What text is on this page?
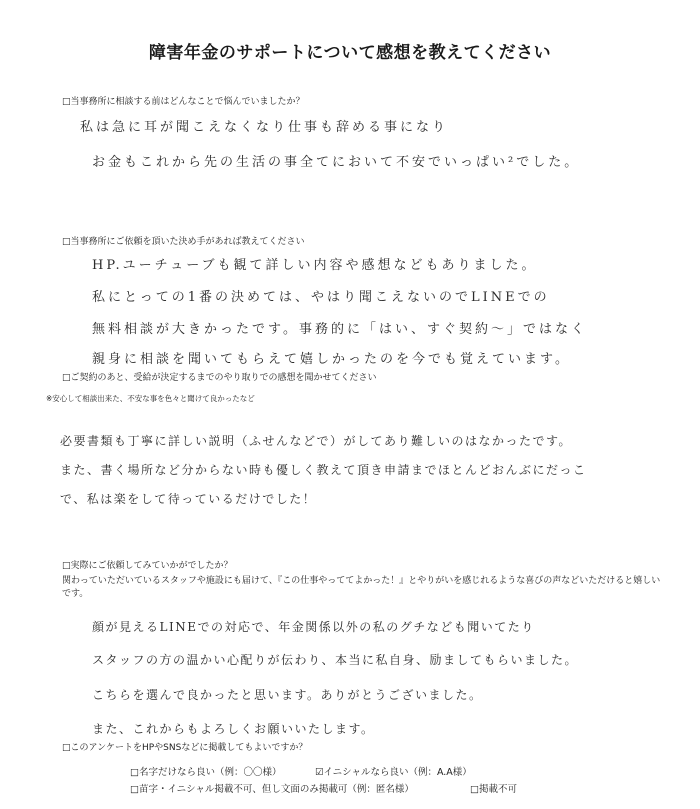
障害年金のサポートについて感想を教えてください
□当事務所に相談する前はどんなことで悩んでいましたか？
私は急に耳が聞こえなくなり仕事も辞める事になり
お金もこれから先の生活の事全てにおいて不安でいっぱい²でした。
□当事務所にご依頼を頂いた決め手があれば教えてください
HP.ユーチューブも観て詳しい内容や感想などもありました。
私にとっての1番の決めては、やはり聞こえないのでLINEでの
無料相談が大きかったです。事務的に「はい、すぐ契約〜」ではなく
親身に相談を聞いてもらえて嬉しかったのを今でも覚えています。
□ご契約のあと、受給が決定するまでのやり取りでの感想を聞かせてください
※安心して相談出来た、不安な事を色々と聞けて良かったなど
必要書類も丁寧に詳しい説明（ふせんなどで）がしてあり難しいのはなかったです。
また、書く場所など分からない時も優しく教えて頂き申請までほとんどおんぶにだっこ
で、私は楽をして待っているだけでした！
□実際にご依頼してみていかがでしたか？
関わっていただいているスタッフや施設にも届けて、『この仕事やっててよかった！』とやりがいを感じれるような喜びの声などいただけると嬉しいです。
顔が見えるLINEでの対応で、年金関係以外の私のグチなども聞いてたり
スタッフの方の温かい心配りが伝わり、本当に私自身、励ましてもらいました。
こちらを選んで良かったと思います。ありがとうございました。
また、これからもよろしくお願いいたします。
□このアンケートをHPやSNSなどに掲載してもよいですか？
□名字だけなら良い（例：〇〇様）	☑イニシャルなら良い（例：A.A様）
□苗字・イニシャル掲載不可、但し文面のみ掲載可（例：匿名様）	□掲載不可
